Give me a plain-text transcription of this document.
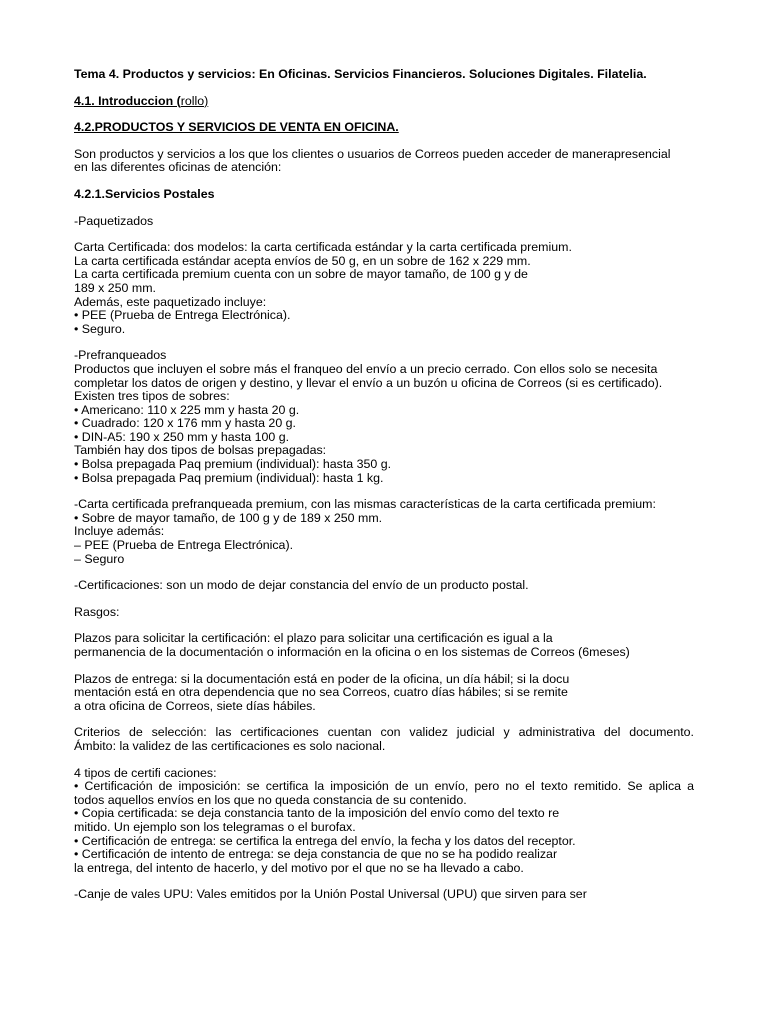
Tema 4. Productos y servicios: En Oficinas. Servicios Financieros. Soluciones Digitales. Filatelia.

4.1. Introduccion (rollo)

4.2.PRODUCTOS Y SERVICIOS DE VENTA EN OFICINA.

Son productos y servicios a los que los clientes o usuarios de Correos pueden acceder de manerapresencial

en las diferentes oficinas de atención:

4.2.1.Servicios Postales

-Paquetizados

Carta Certificada: dos modelos: la carta certificada estándar y la carta certificada premium.

La carta certificada estándar acepta envíos de 50 g, en un sobre de 162 x 229 mm.

La carta certificada premium cuenta con un sobre de mayor tamaño, de 100 g y de

189 x 250 mm.

Además, este paquetizado incluye:

• PEE (Prueba de Entrega Electrónica).

• Seguro.

-Prefranqueados

Productos que incluyen el sobre más el franqueo del envío a un precio cerrado. Con ellos solo se necesita

completar los datos de origen y destino, y llevar el envío a un buzón u oficina de Correos (si es certificado).

Existen tres tipos de sobres:

• Americano: 110 x 225 mm y hasta 20 g.

• Cuadrado: 120 x 176 mm y hasta 20 g.

• DIN-A5: 190 x 250 mm y hasta 100 g.

También hay dos tipos de bolsas prepagadas:

• Bolsa prepagada Paq premium (individual): hasta 350 g.

• Bolsa prepagada Paq premium (individual): hasta 1 kg.

-Carta certificada prefranqueada premium, con las mismas características de la carta certificada premium:

• Sobre de mayor tamaño, de 100 g y de 189 x 250 mm.

Incluye además:

– PEE (Prueba de Entrega Electrónica).

– Seguro

-Certificaciones: son un modo de dejar constancia del envío de un producto postal.

Rasgos:

Plazos para solicitar la certificación: el plazo para solicitar una certificación es igual a la

permanencia de la documentación o información en la oficina o en los sistemas de Correos (6meses)

Plazos de entrega: si la documentación está en poder de la oficina, un día hábil; si la docu

mentación está en otra dependencia que no sea Correos, cuatro días hábiles; si se remite

a otra oficina de Correos, siete días hábiles.

Criterios de selección: las certificaciones cuentan con validez judicial y administrativa del documento.

Ámbito: la validez de las certificaciones es solo nacional.

4 tipos de certifi caciones:

• Certificación de imposición: se certifica la imposición de un envío, pero no el texto remitido. Se aplica a

todos aquellos envíos en los que no queda constancia de su contenido.

• Copia certificada: se deja constancia tanto de la imposición del envío como del texto re

mitido. Un ejemplo son los telegramas o el burofax.

• Certificación de entrega: se certifica la entrega del envío, la fecha y los datos del receptor.

• Certificación de intento de entrega: se deja constancia de que no se ha podido realizar

la entrega, del intento de hacerlo, y del motivo por el que no se ha llevado a cabo.

-Canje de vales UPU: Vales emitidos por la Unión Postal Universal (UPU) que sirven para ser
